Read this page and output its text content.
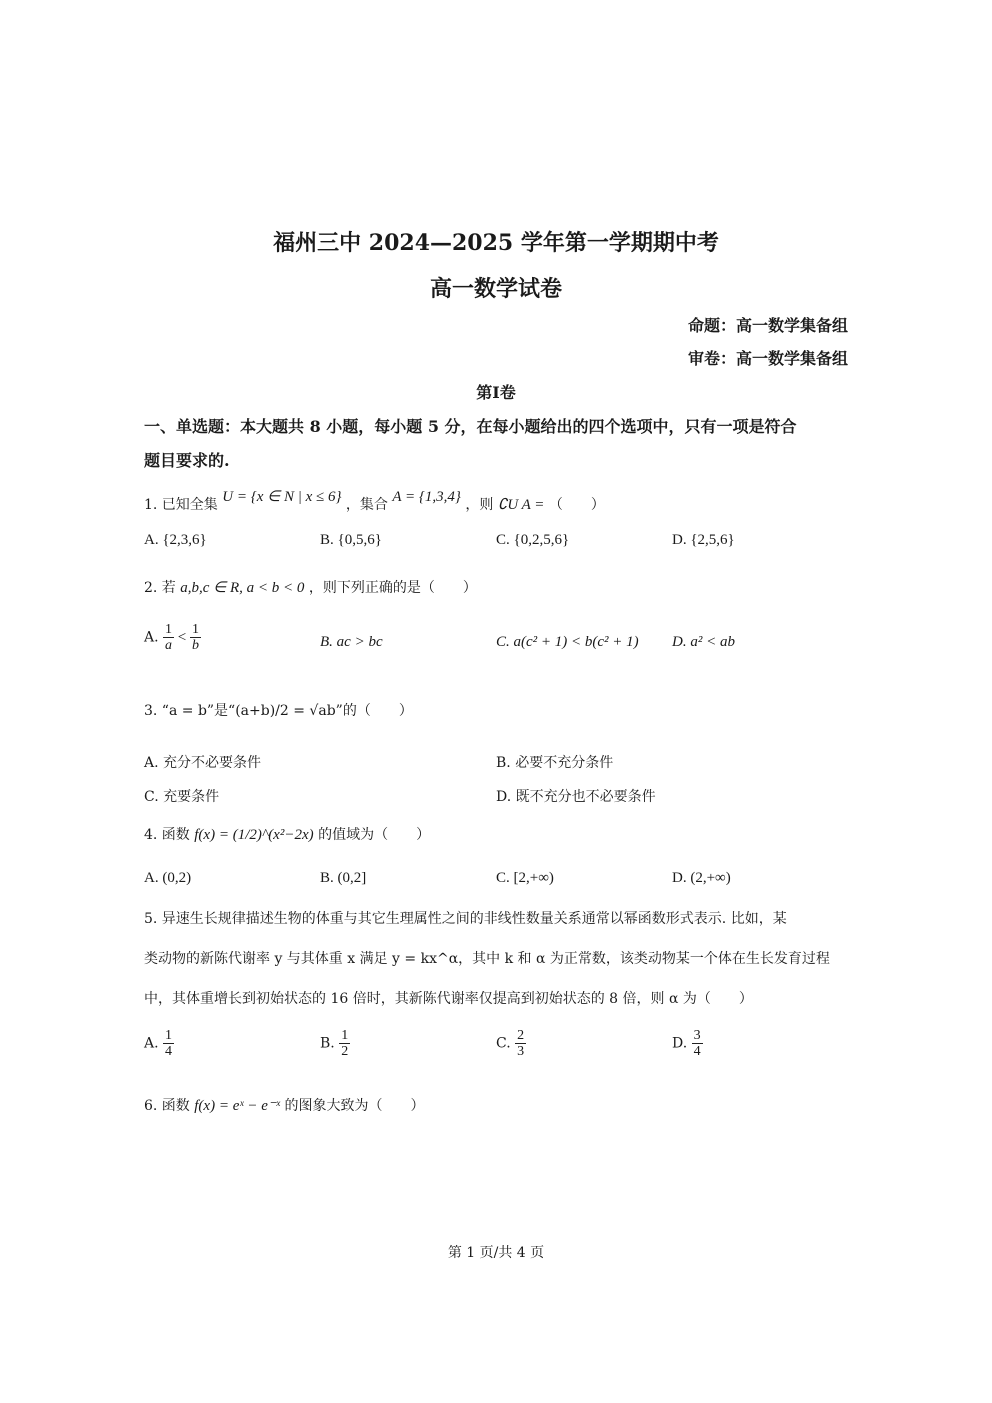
福州三中 2024—2025 学年第一学期期中考
高一数学试卷
命题：高一数学集备组
审卷：高一数学集备组
第Ⅰ卷
一、单选题：本大题共 8 小题，每小题 5 分，在每小题给出的四个选项中，只有一项是符合
题目要求的.
1. 已知全集 U = {x ∈ N | x ≤ 6} ，集合 A = {1,3,4} ，则 ∁U A = （　　）
A. {2,3,6}	B. {0,5,6}	C. {0,2,5,6}	D. {2,5,6}
2. 若 a,b,c ∈ R, a < b < 0 ，则下列正确的是（　　）
A. $\frac{1}{a} < \frac{1}{b}$	B. ac > bc	C. a(c² + 1) < b(c² + 1) D. a² < ab
3. “a = b”是“(a+b)/2 = √ab”的（　　）
A. 充分不必要条件	B. 必要不充分条件
C. 充要条件	D. 既不充分也不必要条件
4. 函数 f(x) = (1/2)^(x²−2x) 的值域为（　　）
A. (0,2)	B. (0,2]	C. [2,+∞)	D. (2,+∞)
5. 异速生长规律描述生物的体重与其它生理属性之间的非线性数量关系通常以幂函数形式表示. 比如，某
类动物的新陈代谢率 y 与其体重 x 满足 y = kx^α，其中 k 和 α 为正常数，该类动物某一个体在生长发育过程
中，其体重增长到初始状态的 16 倍时，其新陈代谢率仅提高到初始状态的 8 倍，则 α 为（　　）
A. $\frac{1}{4}$	B. $\frac{1}{2}$	C. $\frac{2}{3}$	D. $\frac{3}{4}$
6. 函数 f(x) = eˣ − e⁻ˣ 的图象大致为（　　）
第 1 页/共 4 页
